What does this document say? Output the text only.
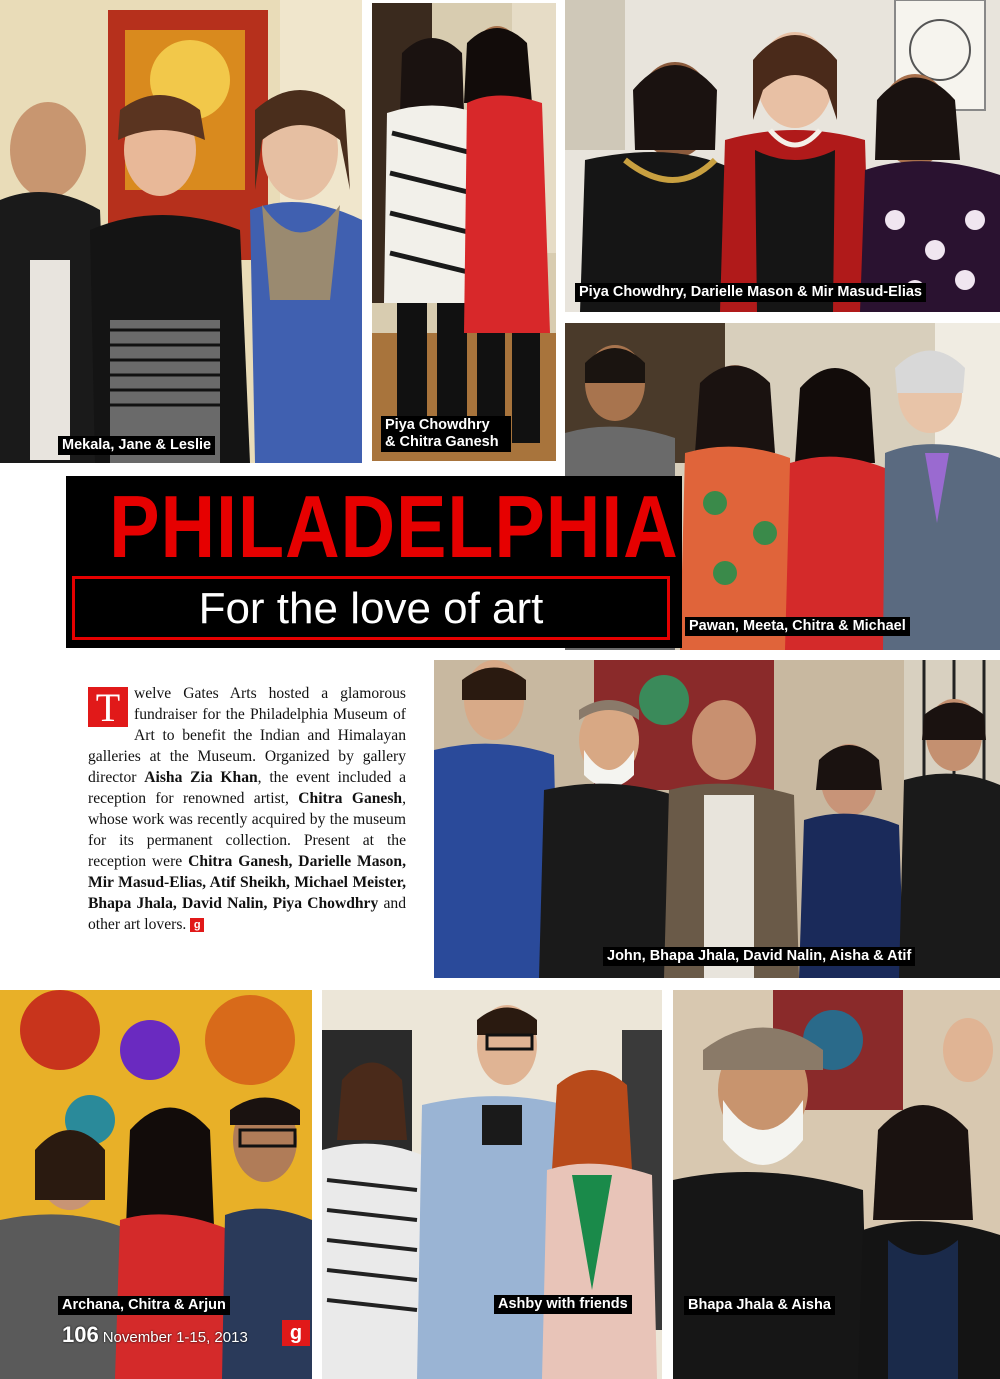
Mekala, Jane & Leslie
Piya Chowdhry
& Chitra Ganesh
Piya Chowdhry, Darielle Mason & Mir Masud-Elias
Pawan, Meeta, Chitra & Michael
PHILADELPHIA
For the love of art
T welve Gates Arts hosted a glamorous fundraiser for the Philadelphia Museum of Art to benefit the Indian and Himalayan galleries at the Museum. Organized by gallery director Aisha Zia Khan, the event included a reception for renowned artist, Chitra Ganesh, whose work was recently acquired by the museum for its permanent collection. Present at the reception were Chitra Ganesh, Darielle Mason, Mir Masud-Elias, Atif Sheikh, Michael Meister, Bhapa Jhala, David Nalin, Piya Chowdhry and other art lovers. g
John, Bhapa Jhala, David Nalin, Aisha & Atif
Archana, Chitra & Arjun	Ashby with friends	Bhapa Jhala & Aisha
106 November 1-15, 2013	g
